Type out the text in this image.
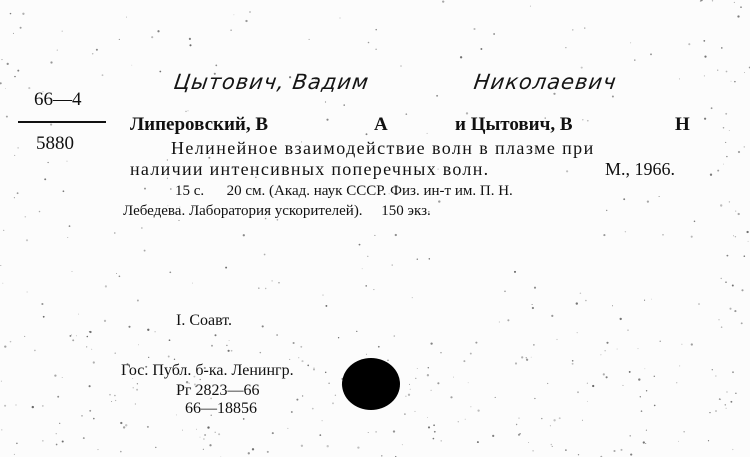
Цытович, Вадим	Николаевич
66—4
5880
Липеровский, В	А	и Цытович, В	Н
Нелинейное взаимодействие волн в плазме при
наличии интенсивных поперечных волн.	М., 1966.
15 с.      20 см. (Акад. наук СССР. Физ. ин-т им. П. Н.
Лебедева. Лаборатория ускорителей).     150 экз.
I. Соавт.
Гос. Публ. б-ка. Ленингр.
Рг 2823—66
66—18856
